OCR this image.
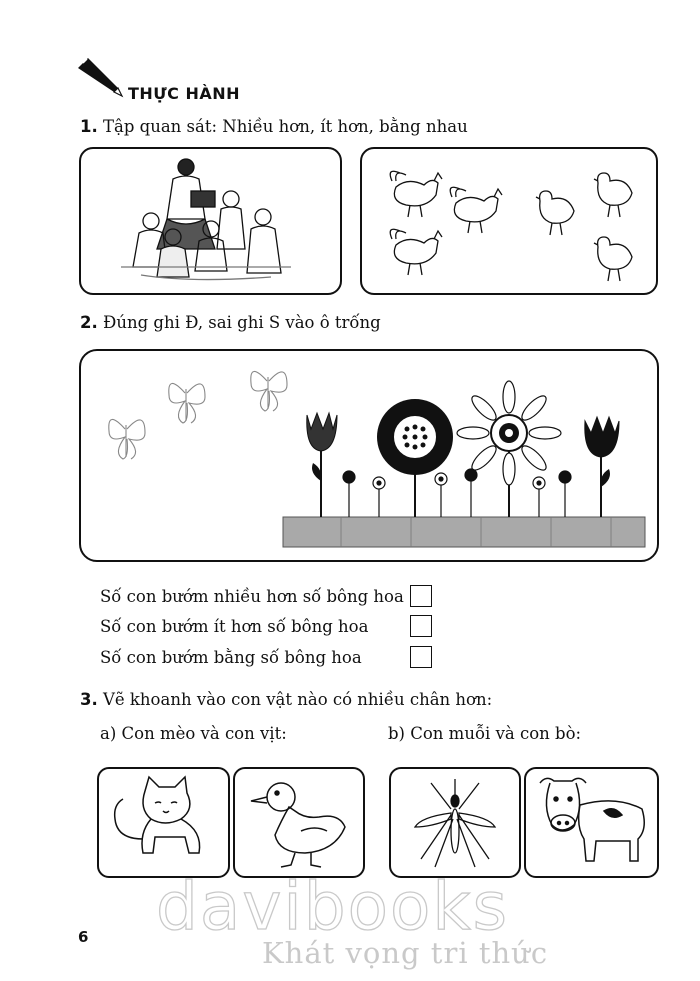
THỰC HÀNH
1. Tập quan sát: Nhiều hơn, ít hơn, bằng nhau
2. Đúng ghi Đ, sai ghi S vào ô trống
Số con bướm nhiều hơn số bông hoa
Số con bướm ít hơn số bông hoa
Số con bướm bằng số bông hoa
3. Vẽ khoanh vào con vật nào có nhiều chân hơn:
a) Con mèo và con vịt:	b) Con muỗi và con bò:
6 davibooks
Khát vọng tri thức
